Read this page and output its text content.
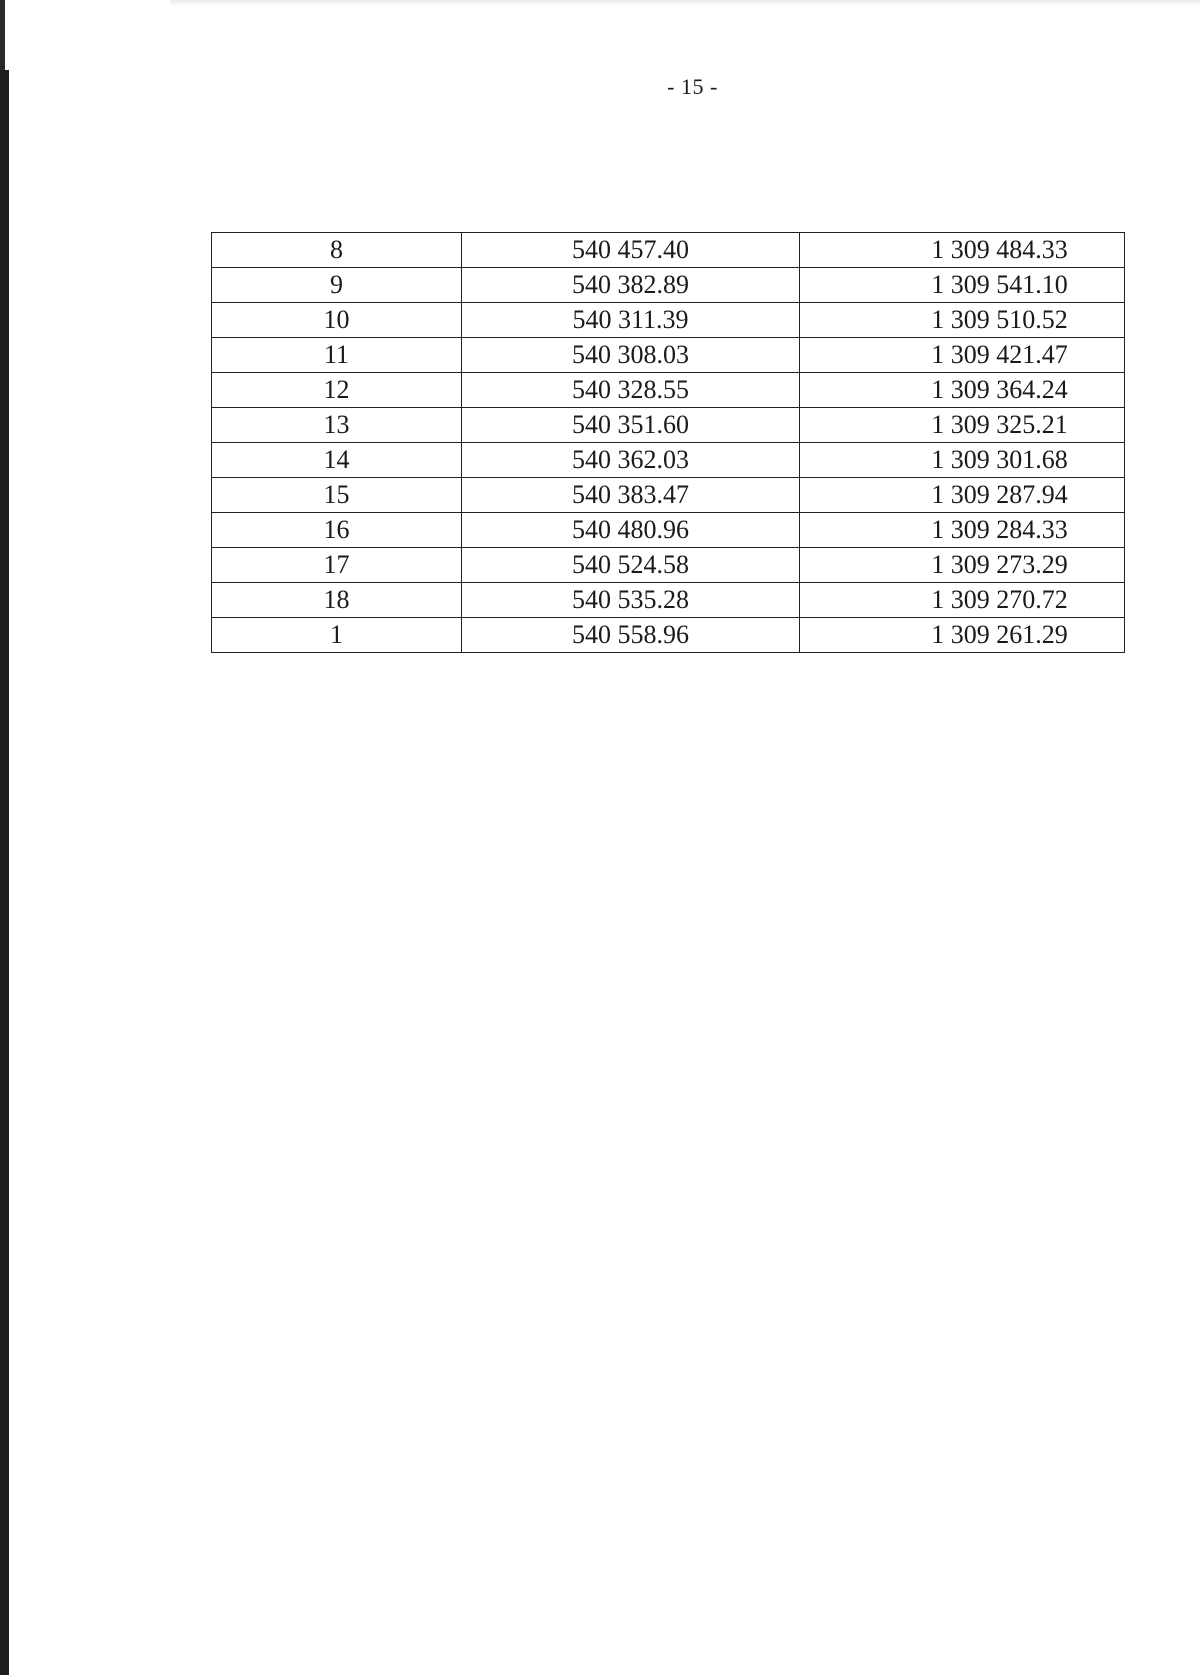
- 15 -
8	540 457.40	1 309 484.33
9	540 382.89	1 309 541.10
10	540 311.39	1 309 510.52
11	540 308.03	1 309 421.47
12	540 328.55	1 309 364.24
13	540 351.60	1 309 325.21
14	540 362.03	1 309 301.68
15	540 383.47	1 309 287.94
16	540 480.96	1 309 284.33
17	540 524.58	1 309 273.29
18	540 535.28	1 309 270.72
1	540 558.96	1 309 261.29
